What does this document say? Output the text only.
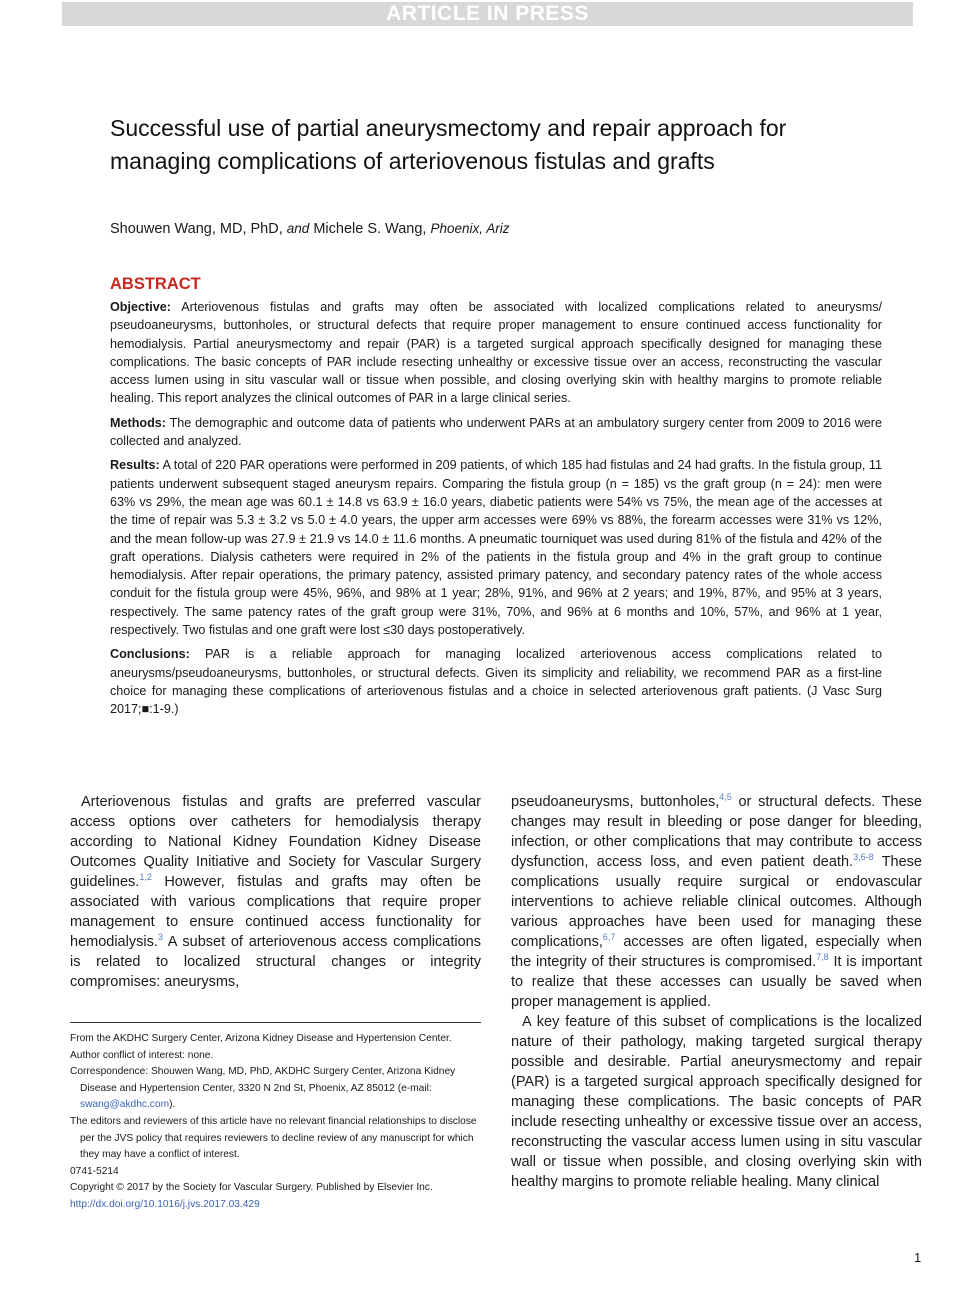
ARTICLE IN PRESS
Successful use of partial aneurysmectomy and repair approach for managing complications of arteriovenous fistulas and grafts
Shouwen Wang, MD, PhD, and Michele S. Wang, Phoenix, Ariz
ABSTRACT

Objective: Arteriovenous fistulas and grafts may often be associated with localized complications related to aneurysms/ pseudoaneurysms, buttonholes, or structural defects that require proper management to ensure continued access functionality for hemodialysis. Partial aneurysmectomy and repair (PAR) is a targeted surgical approach specifically designed for managing these complications. The basic concepts of PAR include resecting unhealthy or excessive tissue over an access, reconstructing the vascular access lumen using in situ vascular wall or tissue when possible, and closing overlying skin with healthy margins to promote reliable healing. This report analyzes the clinical outcomes of PAR in a large clinical series.

Methods: The demographic and outcome data of patients who underwent PARs at an ambulatory surgery center from 2009 to 2016 were collected and analyzed.

Results: A total of 220 PAR operations were performed in 209 patients, of which 185 had fistulas and 24 had grafts. In the fistula group, 11 patients underwent subsequent staged aneurysm repairs. Comparing the fistula group (n = 185) vs the graft group (n = 24): men were 63% vs 29%, the mean age was 60.1 ± 14.8 vs 63.9 ± 16.0 years, diabetic patients were 54% vs 75%, the mean age of the accesses at the time of repair was 5.3 ± 3.2 vs 5.0 ± 4.0 years, the upper arm accesses were 69% vs 88%, the forearm accesses were 31% vs 12%, and the mean follow-up was 27.9 ± 21.9 vs 14.0 ± 11.6 months. A pneumatic tourniquet was used during 81% of the fistula and 42% of the graft operations. Dialysis catheters were required in 2% of the patients in the fistula group and 4% in the graft group to continue hemodialysis. After repair operations, the primary patency, assisted primary patency, and secondary patency rates of the whole access conduit for the fistula group were 45%, 96%, and 98% at 1 year; 28%, 91%, and 96% at 2 years; and 19%, 87%, and 95% at 3 years, respectively. The same patency rates of the graft group were 31%, 70%, and 96% at 6 months and 10%, 57%, and 96% at 1 year, respectively. Two fistulas and one graft were lost ≤30 days postoperatively.

Conclusions: PAR is a reliable approach for managing localized arteriovenous access complications related to aneurysms/pseudoaneurysms, buttonholes, or structural defects. Given its simplicity and reliability, we recommend PAR as a first-line choice for managing these complications of arteriovenous fistulas and a choice in selected arteriovenous graft patients. (J Vasc Surg 2017;■:1-9.)

Arteriovenous fistulas and grafts are preferred vascular access options over catheters for hemodialysis therapy according to National Kidney Foundation Kidney Disease Outcomes Quality Initiative and Society for Vascular Surgery guidelines.$^{1,2}$ However, fistulas and grafts may often be associated with various complications that require proper management to ensure continued access functionality for hemodialysis.$^3$ A subset of arteriovenous access complications is related to localized structural changes or integrity compromises: aneurysms,

From the AKDHC Surgery Center, Arizona Kidney Disease and Hypertension Center.
Author conflict of interest: none.
Correspondence: Shouwen Wang, MD, PhD, AKDHC Surgery Center, Arizona Kidney Disease and Hypertension Center, 3320 N 2nd St, Phoenix, AZ 85012 (e-mail: swang@akdhc.com).
The editors and reviewers of this article have no relevant financial relationships to disclose per the JVS policy that requires reviewers to decline review of any manuscript for which they may have a conflict of interest.
0741-5214
Copyright © 2017 by the Society for Vascular Surgery. Published by Elsevier Inc.
http://dx.doi.org/10.1016/j.jvs.2017.03.429

pseudoaneurysms, buttonholes,$^{4,5}$ or structural defects. These changes may result in bleeding or pose danger for bleeding, infection, or other complications that may contribute to access dysfunction, access loss, and even patient death.$^{3,6-8}$ These complications usually require surgical or endovascular interventions to achieve reliable clinical outcomes. Although various approaches have been used for managing these complications,$^{6,7}$ accesses are often ligated, especially when the integrity of their structures is compromised.$^{7,8}$ It is important to realize that these accesses can usually be saved when proper management is applied.

A key feature of this subset of complications is the localized nature of their pathology, making targeted surgical therapy possible and desirable. Partial aneurysmectomy and repair (PAR) is a targeted surgical approach specifically designed for managing these complications. The basic concepts of PAR include resecting unhealthy or excessive tissue over an access, reconstructing the vascular access lumen using in situ vascular wall or tissue when possible, and closing overlying skin with healthy margins to promote reliable healing. Many clinical

1
